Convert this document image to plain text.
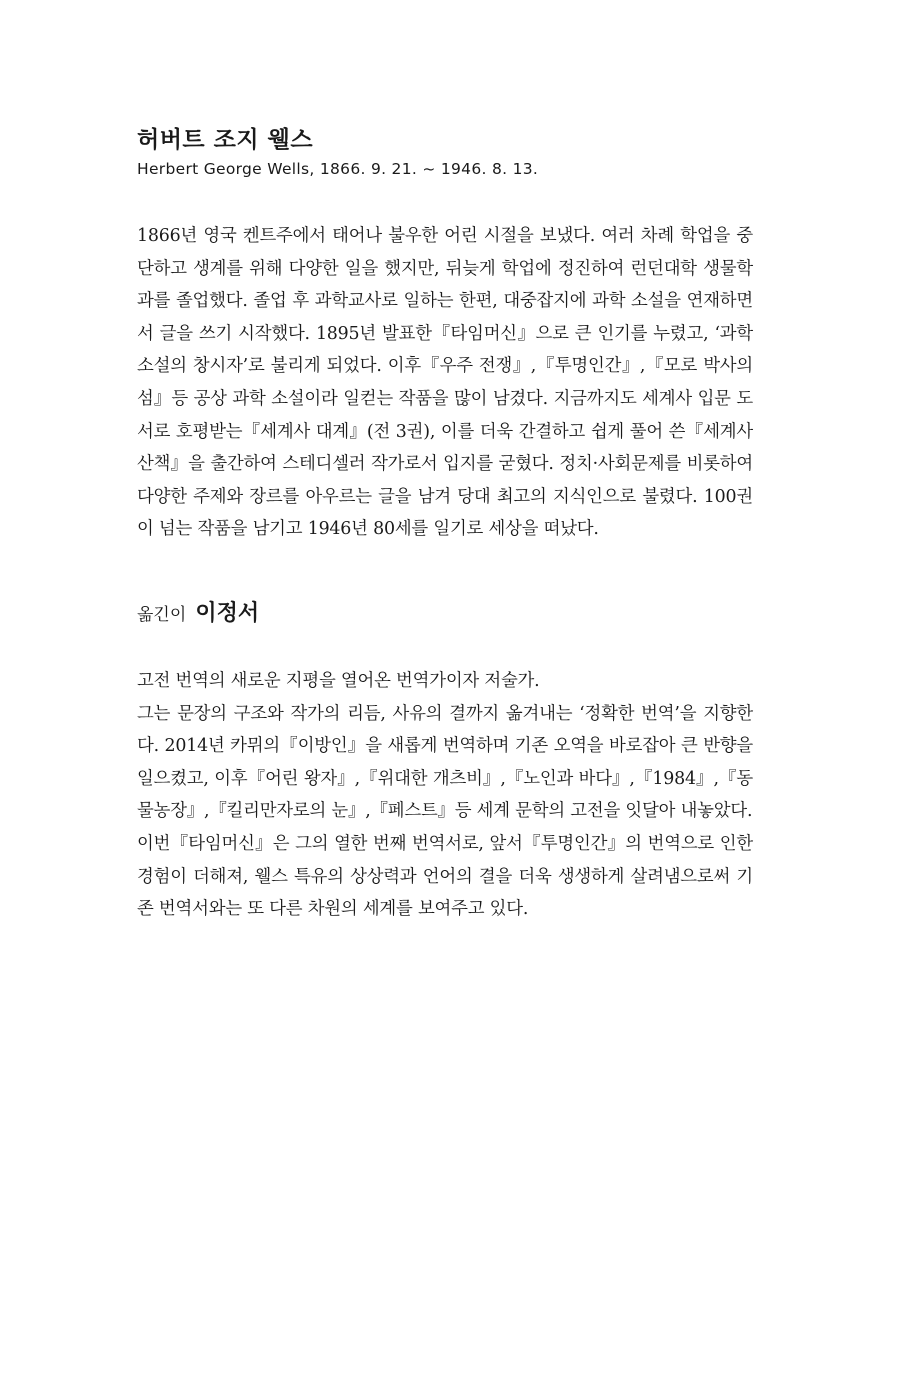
허버트 조지 웰스

Herbert George Wells, 1866. 9. 21. ~ 1946. 8. 13.

1866년 영국 켄트주에서 태어나 불우한 어린 시절을 보냈다. 여러 차례 학업을 중단하고 생계를 위해 다양한 일을 했지만, 뒤늦게 학업에 정진하여 런던대학 생물학과를 졸업했다. 졸업 후 과학교사로 일하는 한편, 대중잡지에 과학 소설을 연재하면서 글을 쓰기 시작했다. 1895년 발표한『타임머신』으로 큰 인기를 누렸고, ‘과학 소설의 창시자’로 불리게 되었다. 이후『우주 전쟁』,『투명인간』,『모로 박사의 섬』등 공상 과학 소설이라 일컫는 작품을 많이 남겼다. 지금까지도 세계사 입문 도서로 호평받는『세계사 대계』(전 3권), 이를 더욱 간결하고 쉽게 풀어 쓴『세계사 산책』을 출간하여 스테디셀러 작가로서 입지를 굳혔다. 정치·사회문제를 비롯하여 다양한 주제와 장르를 아우르는 글을 남겨 당대 최고의 지식인으로 불렸다. 100권이 넘는 작품을 남기고 1946년 80세를 일기로 세상을 떠났다.

옮긴이 이정서

고전 번역의 새로운 지평을 열어온 번역가이자 저술가.

그는 문장의 구조와 작가의 리듬, 사유의 결까지 옮겨내는 ‘정확한 번역’을 지향한다. 2014년 카뮈의『이방인』을 새롭게 번역하며 기존 오역을 바로잡아 큰 반향을 일으켰고, 이후『어린 왕자』,『위대한 개츠비』,『노인과 바다』,『1984』,『동물농장』,『킬리만자로의 눈』,『페스트』등 세계 문학의 고전을 잇달아 내놓았다.

이번『타임머신』은 그의 열한 번째 번역서로, 앞서『투명인간』의 번역으로 인한 경험이 더해져, 웰스 특유의 상상력과 언어의 결을 더욱 생생하게 살려냄으로써 기존 번역서와는 또 다른 차원의 세계를 보여주고 있다.
